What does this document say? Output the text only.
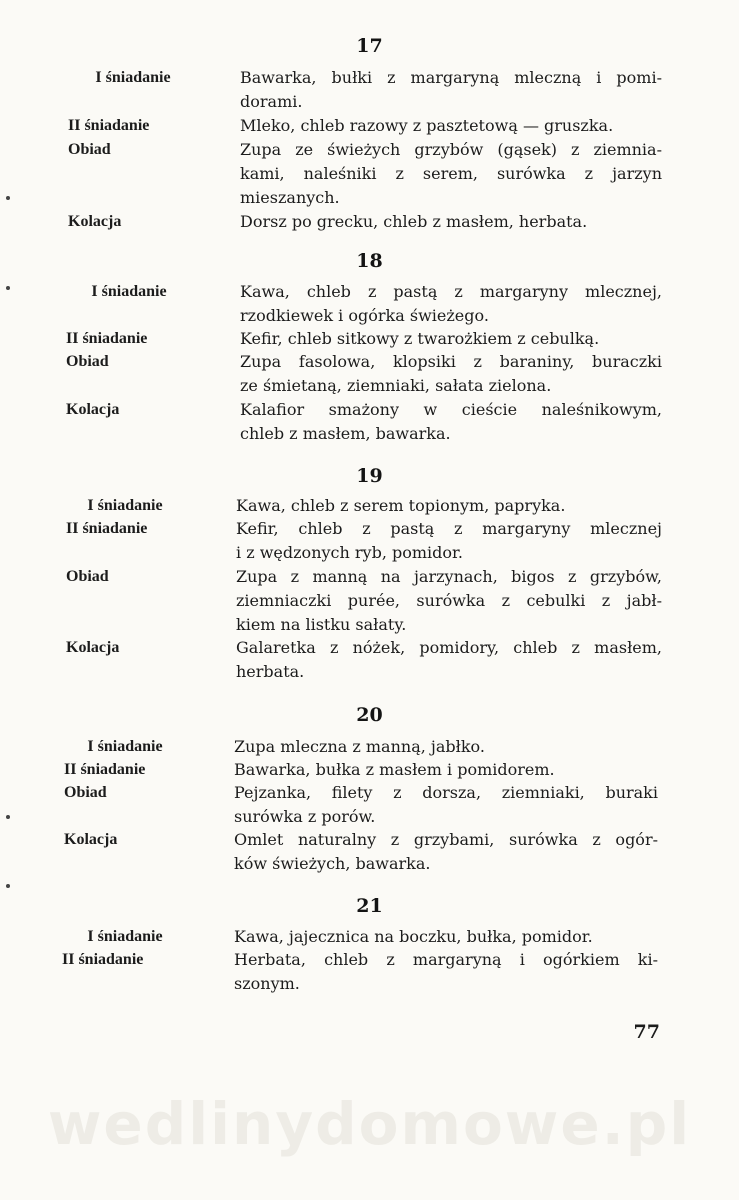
17
I śniadanie	Bawarka, bułki z margaryną mleczną i pomi-
dorami.
II śniadanie	Mleko, chleb razowy z pasztetową — gruszka.
Obiad	Zupa ze świeżych grzybów (gąsek) z ziemnia-
kami, naleśniki z serem, surówka z jarzyn
mieszanych.
Kolacja	Dorsz po grecku, chleb z masłem, herbata.
18
I śniadanie	Kawa, chleb z pastą z margaryny mlecznej,
rzodkiewek i ogórka świeżego.
II śniadanie	Kefir, chleb sitkowy z twarożkiem z cebulką.
Obiad	Zupa fasolowa, klopsiki z baraniny, buraczki
ze śmietaną, ziemniaki, sałata zielona.
Kolacja	Kalafior smażony w cieście naleśnikowym,
chleb z masłem, bawarka.
19
I śniadanie	Kawa, chleb z serem topionym, papryka.
II śniadanie	Kefir, chleb z pastą z margaryny mlecznej
i z wędzonych ryb, pomidor.
Obiad	Zupa z manną na jarzynach, bigos z grzybów,
ziemniaczki purée, surówka z cebulki z jabł-
kiem na listku sałaty.
Kolacja	Galaretka z nóżek, pomidory, chleb z masłem,
herbata.
20
I śniadanie	Zupa mleczna z manną, jabłko.
II śniadanie	Bawarka, bułka z masłem i pomidorem.
Obiad	Pejzanka, filety z dorsza, ziemniaki, buraki
surówka z porów.
Kolacja	Omlet naturalny z grzybami, surówka z ogór-
ków świeżych, bawarka.
21
I śniadanie	Kawa, jajecznica na boczku, bułka, pomidor.
II śniadanie	Herbata, chleb z margaryną i ogórkiem ki-
szonym.
77
wedlinydomowe.pl
